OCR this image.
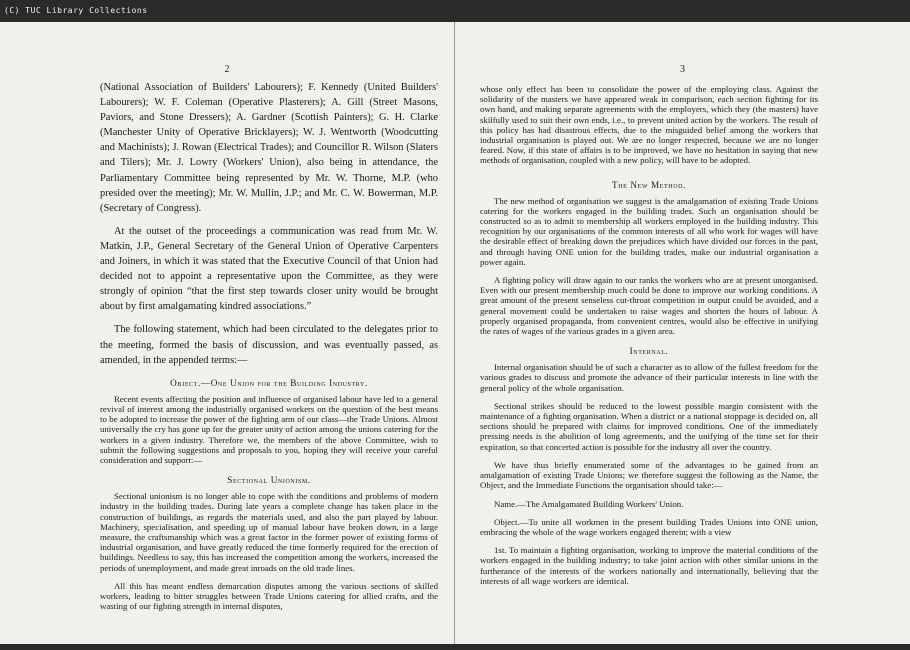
(C) TUC Library Collections
2

(National Association of Builders' Labourers); F. Kennedy (United Builders' Labourers); W. F. Coleman (Operative Plasterers); A. Gill (Street Masons, Paviors, and Stone Dressers); A. Gardner (Scottish Painters); G. H. Clarke (Manchester Unity of Operative Bricklayers); W. J. Wentworth (Woodcutting and Machinists); J. Rowan (Electrical Trades); and Councillor R. Wilson (Slaters and Tilers); Mr. J. Lowry (Workers' Union), also being in attendance, the Parliamentary Committee being represented by Mr. W. Thorne, M.P. (who presided over the meeting); Mr. W. Mullin, J.P.; and Mr. C. W. Bowerman, M.P. (Secretary of Congress).

At the outset of the proceedings a communication was read from Mr. W. Matkin, J.P., General Secretary of the General Union of Operative Carpenters and Joiners, in which it was stated that the Executive Council of that Union had decided not to appoint a representative upon the Committee, as they were strongly of opinion “that the first step towards closer unity would be brought about by first amalgamating kindred associations.”

The following statement, which had been circulated to the delegates prior to the meeting, formed the basis of discussion, and was eventually passed, as amended, in the appended terms:—

Object.—One Union for the Building Industry.

Recent events affecting the position and influence of organised labour have led to a general revival of interest among the industrially organised workers on the question of the best means to be adopted to increase the power of the fighting arm of our class—the Trade Unions. Almost universally the cry has gone up for the greater unity of action among the unions catering for the workers in a given industry. Therefore we, the members of the above Committee, wish to submit the following suggestions and proposals to you, hoping they will receive your careful consideration and support:—

Sectional Unionism.

Sectional unionism is no longer able to cope with the conditions and problems of modern industry in the building trades. During late years a complete change has taken place in the construction of buildings, as regards the materials used, and also the part played by labour. Machinery, specialisation, and speeding up of manual labour have broken down, in a large measure, the craftsmanship which was a great factor in the former power of existing forms of industrial organisation, and have greatly reduced the time formerly required for the erection of buildings. Needless to say, this has increased the competition among the workers, increased the periods of unemployment, and made great inroads on the old trade lines.

All this has meant endless demarcation disputes among the various sections of skilled workers, leading to bitter struggles between Trade Unions catering for allied crafts, and the wasting of our fighting strength in internal disputes,

3

whose only effect has been to consolidate the power of the employing class. Against the solidarity of the masters we have appeared weak in comparison, each section fighting for its own hand, and making separate agreements with the employers, which they (the masters) have skilfully used to suit their own ends, i.e., to prevent united action by the workers. The result of this policy has had disastrous effects, due to the misguided belief among the workers that industrial organisation is played out. We are no longer respected, because we are no longer feared. Now, if this state of affairs is to be improved, we have no hesitation in saying that new methods of organisation, coupled with a new policy, will have to be adopted.

The New Method.

The new method of organisation we suggest is the amalgamation of existing Trade Unions catering for the workers engaged in the building trades. Such an organisation should be constructed so as to admit to membership all workers employed in the building industry. This recognition by our organisations of the common interests of all who work for wages will have the desirable effect of breaking down the prejudices which have divided our forces in the past, and through having ONE union for the building trades, make our industrial organisation a power again.

A fighting policy will draw again to our ranks the workers who are at present unorganised. Even with our present membership much could be done to improve our working conditions. A great amount of the present senseless cut-throat competition in output could be avoided, and a general movement could be undertaken to raise wages and shorten the hours of labour. A properly organised propaganda, from convenient centres, would also be effective in unifying the rates of wages of the various grades in a given area.

Internal.

Internal organisation should be of such a character as to allow of the fullest freedom for the various grades to discuss and promote the advance of their particular interests in line with the general policy of the whole organisation.

Sectional strikes should be reduced to the lowest possible margin consistent with the maintenance of a fighting organisation. When a district or a national stoppage is decided on, all sections should be prepared with claims for improved conditions. One of the immediately pressing needs is the abolition of long agreements, and the unifying of the time set for their expiration, so that concerted action is possible for the industry all over the country.

We have thus briefly enumerated some of the advantages to be gained from an amalgamation of existing Trade Unions; we therefore suggest the following as the Name, the Object, and the Immediate Functions the organisation should take:—

Name.—The Amalgamated Building Workers' Union.

Object.—To unite all workmen in the present building Trades Unions into ONE union, embracing the whole of the wage workers engaged therein; with a view

1st. To maintain a fighting organisation, working to improve the material conditions of the workers engaged in the building industry; to take joint action with other similar unions in the furtherance of the interests of the workers nationally and internationally, believing that the interests of all wage workers are identical.
